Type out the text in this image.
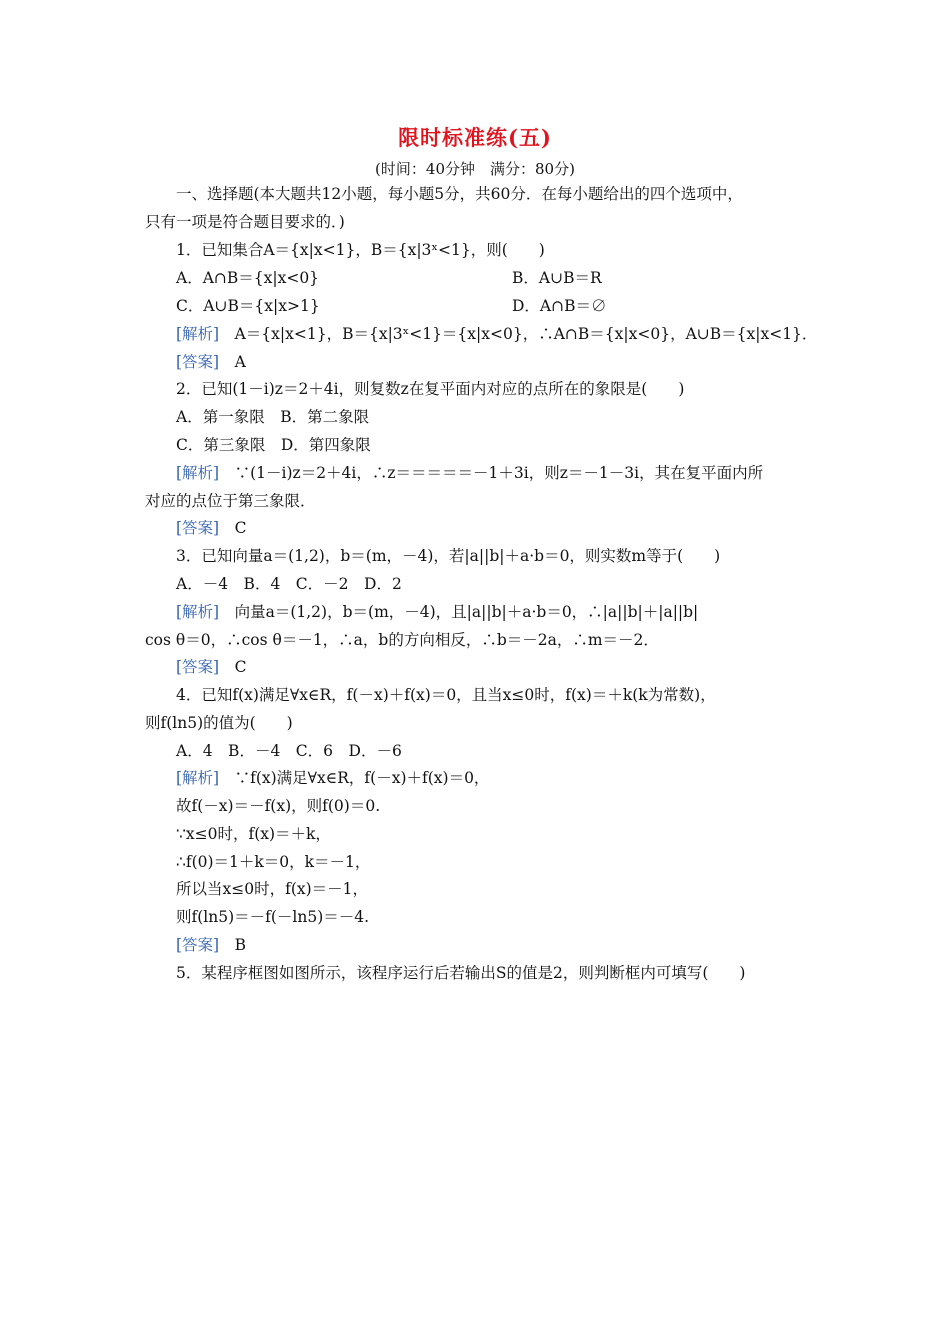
限时标准练(五)
(时间：40分钟　满分：80分)
一、选择题(本大题共12小题，每小题5分，共60分．在每小题给出的四个选项中，
只有一项是符合题目要求的．)
1．已知集合A＝{x|x<1}，B＝{x|3ˣ<1}，则(　　)
A．A∩B＝{x|x<0}	B．A∪B＝R
C．A∪B＝{x|x>1}	D．A∩B＝∅
[解析]　A＝{x|x<1}，B＝{x|3ˣ<1}＝{x|x<0}，∴A∩B＝{x|x<0}，A∪B＝{x|x<1}．
[答案]　A
2．已知(1－i)z＝2＋4i，则复数z在复平面内对应的点所在的象限是(　　)
A．第一象限　B．第二象限
C．第三象限　D．第四象限
[解析]　∵(1－i)z＝2＋4i，∴z＝＝＝＝＝－1＋3i，则z＝－1－3i，其在复平面内所
对应的点位于第三象限．
[答案]　C
3．已知向量a＝(1,2)，b＝(m，－4)，若|a||b|＋a·b＝0，则实数m等于(　　)
A．－4　B．4　C．－2　D．2
[解析]　向量a＝(1,2)，b＝(m，－4)，且|a||b|＋a·b＝0，∴|a||b|＋|a||b|
cos θ＝0，∴cos θ＝－1，∴a，b的方向相反，∴b＝－2a，∴m＝－2．
[答案]　C
4．已知f(x)满足∀x∈R，f(－x)＋f(x)＝0，且当x≤0时，f(x)＝＋k(k为常数)，
则f(ln5)的值为(　　)
A．4　B．－4　C．6　D．－6
[解析]　∵f(x)满足∀x∈R，f(－x)＋f(x)＝0，
故f(－x)＝－f(x)，则f(0)＝0.
∵x≤0时，f(x)＝＋k，
∴f(0)＝1＋k＝0，k＝－1，
所以当x≤0时，f(x)＝－1，
则f(ln5)＝－f(－ln5)＝－4.
[答案]　B
5．某程序框图如图所示，该程序运行后若输出S的值是2，则判断框内可填写(　　)
